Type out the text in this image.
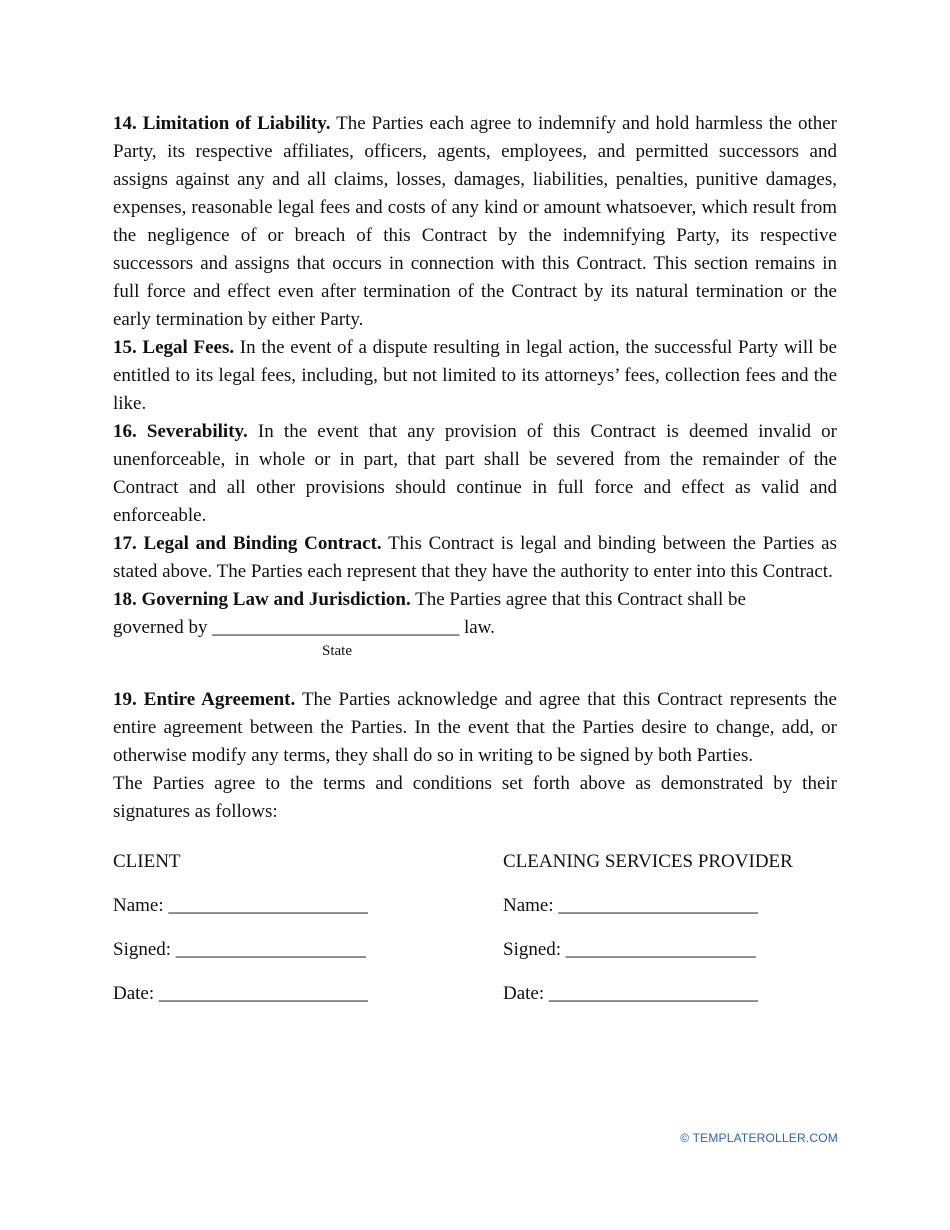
14. Limitation of Liability. The Parties each agree to indemnify and hold harmless the other Party, its respective affiliates, officers, agents, employees, and permitted successors and assigns against any and all claims, losses, damages, liabilities, penalties, punitive damages, expenses, reasonable legal fees and costs of any kind or amount whatsoever, which result from the negligence of or breach of this Contract by the indemnifying Party, its respective successors and assigns that occurs in connection with this Contract. This section remains in full force and effect even after termination of the Contract by its natural termination or the early termination by either Party.

15. Legal Fees. In the event of a dispute resulting in legal action, the successful Party will be entitled to its legal fees, including, but not limited to its attorneys’ fees, collection fees and the like.

16. Severability. In the event that any provision of this Contract is deemed invalid or unenforceable, in whole or in part, that part shall be severed from the remainder of the Contract and all other provisions should continue in full force and effect as valid and enforceable.

17. Legal and Binding Contract. This Contract is legal and binding between the Parties as stated above. The Parties each represent that they have the authority to enter into this Contract.

18. Governing Law and Jurisdiction. The Parties agree that this Contract shall be

governed by __________________________ law.

State

19. Entire Agreement. The Parties acknowledge and agree that this Contract represents the entire agreement between the Parties. In the event that the Parties desire to change, add, or otherwise modify any terms, they shall do so in writing to be signed by both Parties.

The Parties agree to the terms and conditions set forth above as demonstrated by their signatures as follows:

CLIENT

Name: _____________________

Signed: ____________________

Date: ______________________

CLEANING SERVICES PROVIDER

Name: _____________________

Signed: ____________________

Date: ______________________

© TEMPLATEROLLER.COM
